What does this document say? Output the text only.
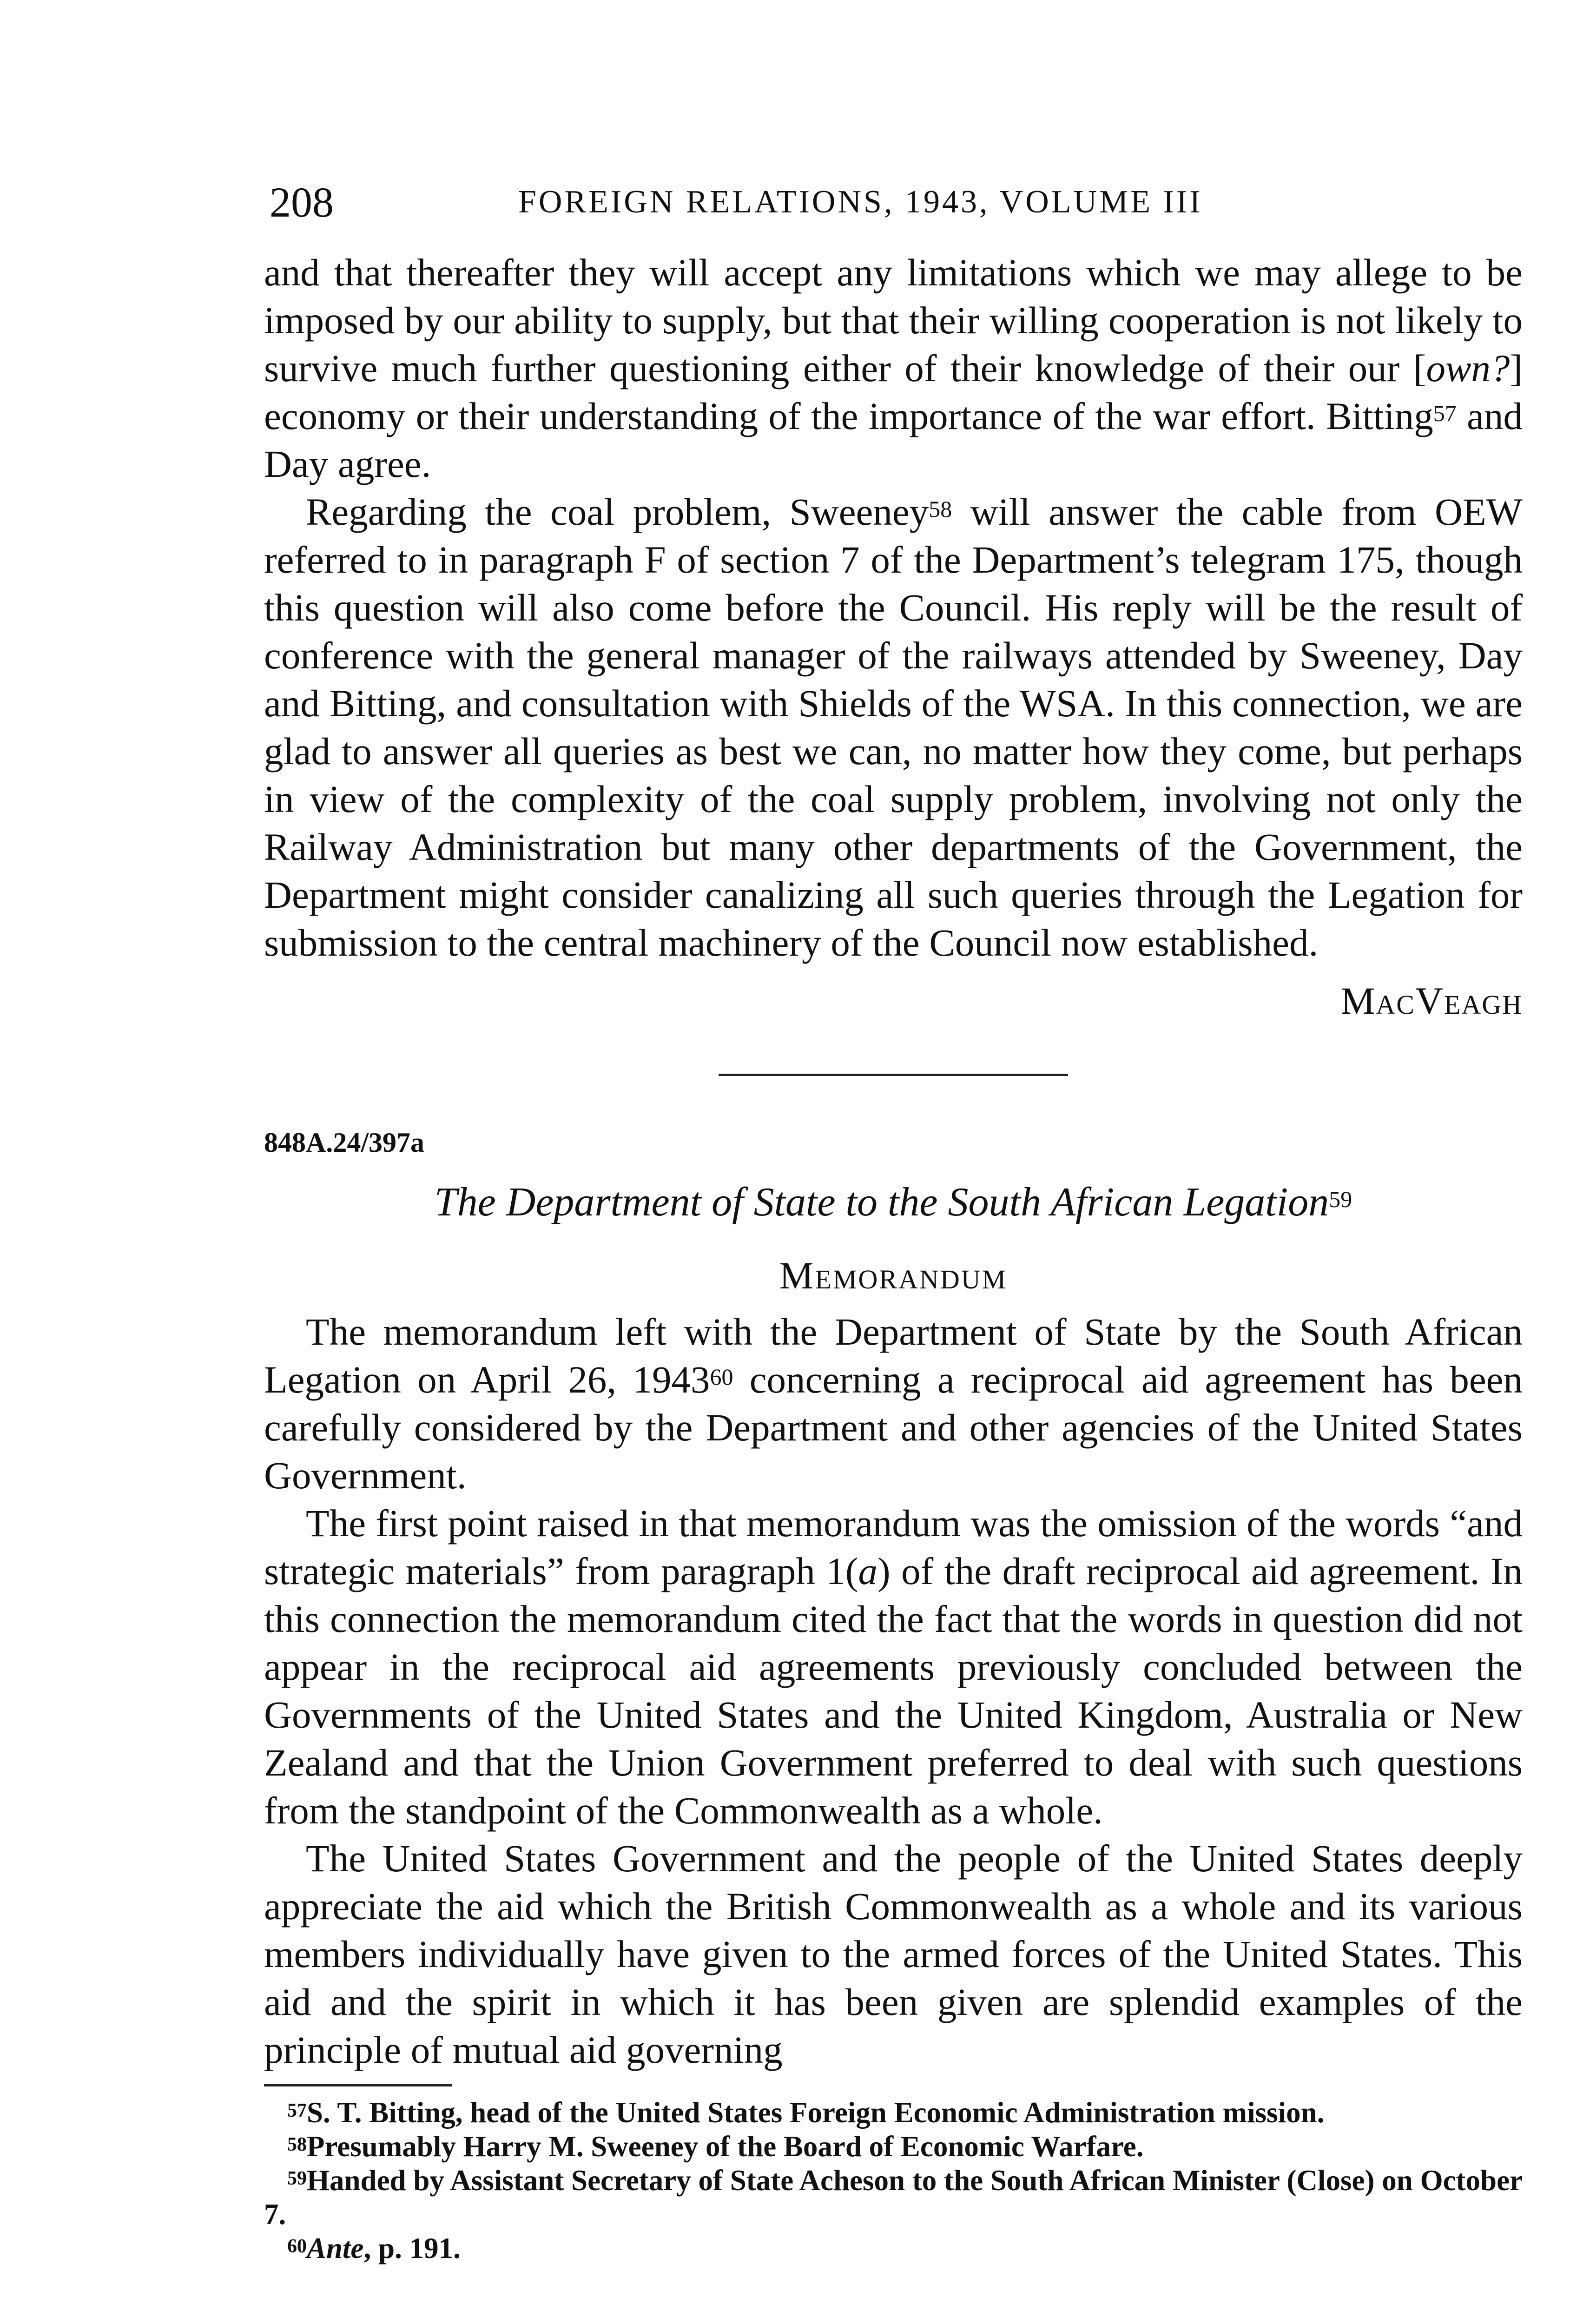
208	FOREIGN RELATIONS, 1943, VOLUME III

and that thereafter they will accept any limitations which we may allege to be imposed by our ability to supply, but that their willing cooperation is not likely to survive much further questioning either of their knowledge of their our [own?] economy or their understanding of the importance of the war effort. Bitting$^{57}$ and Day agree.

Regarding the coal problem, Sweeney$^{58}$ will answer the cable from OEW referred to in paragraph F of section 7 of the Department’s telegram 175, though this question will also come before the Council. His reply will be the result of conference with the general manager of the railways attended by Sweeney, Day and Bitting, and consultation with Shields of the WSA. In this connection, we are glad to answer all queries as best we can, no matter how they come, but perhaps in view of the complexity of the coal supply problem, involving not only the Railway Administration but many other departments of the Government, the Department might consider canalizing all such queries through the Legation for submission to the central machinery of the Council now established.

MacVeagh

848A.24/397a

The Department of State to the South African Legation$^{59}$

Memorandum

The memorandum left with the Department of State by the South African Legation on April 26, 1943$^{60}$ concerning a reciprocal aid agreement has been carefully considered by the Department and other agencies of the United States Government.

The first point raised in that memorandum was the omission of the words “and strategic materials” from paragraph 1(a) of the draft reciprocal aid agreement. In this connection the memorandum cited the fact that the words in question did not appear in the reciprocal aid agreements previously concluded between the Governments of the United States and the United Kingdom, Australia or New Zealand and that the Union Government preferred to deal with such questions from the standpoint of the Commonwealth as a whole.

The United States Government and the people of the United States deeply appreciate the aid which the British Commonwealth as a whole and its various members individually have given to the armed forces of the United States. This aid and the spirit in which it has been given are splendid examples of the principle of mutual aid governing

$^{57}$S. T. Bitting, head of the United States Foreign Economic Administration mission.

$^{58}$Presumably Harry M. Sweeney of the Board of Economic Warfare.

$^{59}$Handed by Assistant Secretary of State Acheson to the South African Minister (Close) on October 7.

$^{60}$Ante, p. 191.
